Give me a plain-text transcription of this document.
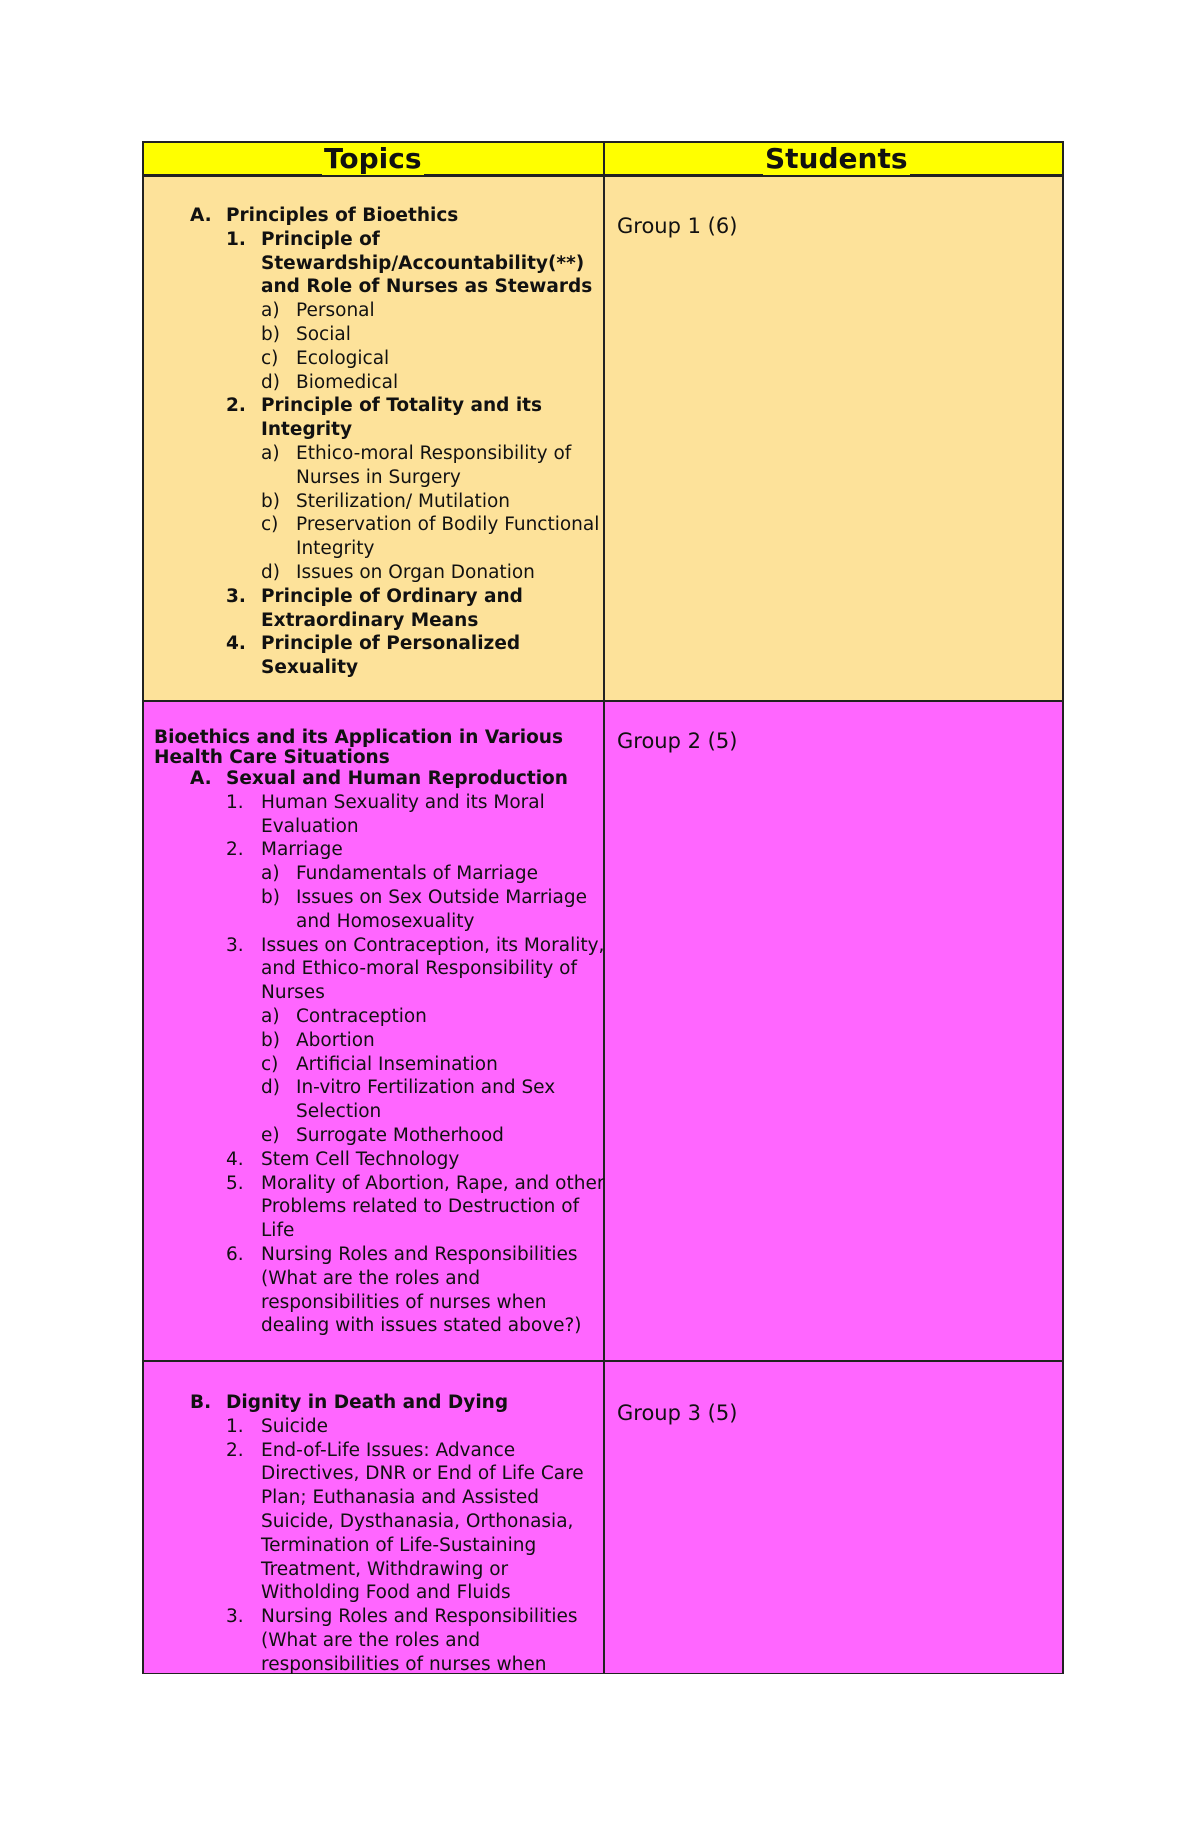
Topics	Students
A. Principles of Bioethics
1. Principle of
Stewardship/Accountability(**)
and Role of Nurses as Stewards
a) Personal
b) Social
c) Ecological
d) Biomedical
2. Principle of Totality and its
Integrity
a) Ethico-moral Responsibility of
Nurses in Surgery
b) Sterilization/ Mutilation
c) Preservation of Bodily Functional
Integrity
d) Issues on Organ Donation
3. Principle of Ordinary and
Extraordinary Means
4. Principle of Personalized
Sexuality
Group 1 (6)
Bioethics and its Application in Various
Health Care Situations
A. Sexual and Human Reproduction
1. Human Sexuality and its Moral
Evaluation
2. Marriage
a) Fundamentals of Marriage
b) Issues on Sex Outside Marriage
and Homosexuality
3. Issues on Contraception, its Morality,
and Ethico-moral Responsibility of
Nurses
a) Contraception
b) Abortion
c) Artificial Insemination
d) In-vitro Fertilization and Sex
Selection
e) Surrogate Motherhood
4. Stem Cell Technology
5. Morality of Abortion, Rape, and other
Problems related to Destruction of
Life
6. Nursing Roles and Responsibilities
(What are the roles and
responsibilities of nurses when
dealing with issues stated above?)
Group 2 (5)
B. Dignity in Death and Dying
1. Suicide
2. End-of-Life Issues: Advance
Directives, DNR or End of Life Care
Plan; Euthanasia and Assisted
Suicide, Dysthanasia, Orthonasia,
Termination of Life-Sustaining
Treatment, Withdrawing or
Witholding Food and Fluids
3. Nursing Roles and Responsibilities
(What are the roles and
responsibilities of nurses when
Group 3 (5)
